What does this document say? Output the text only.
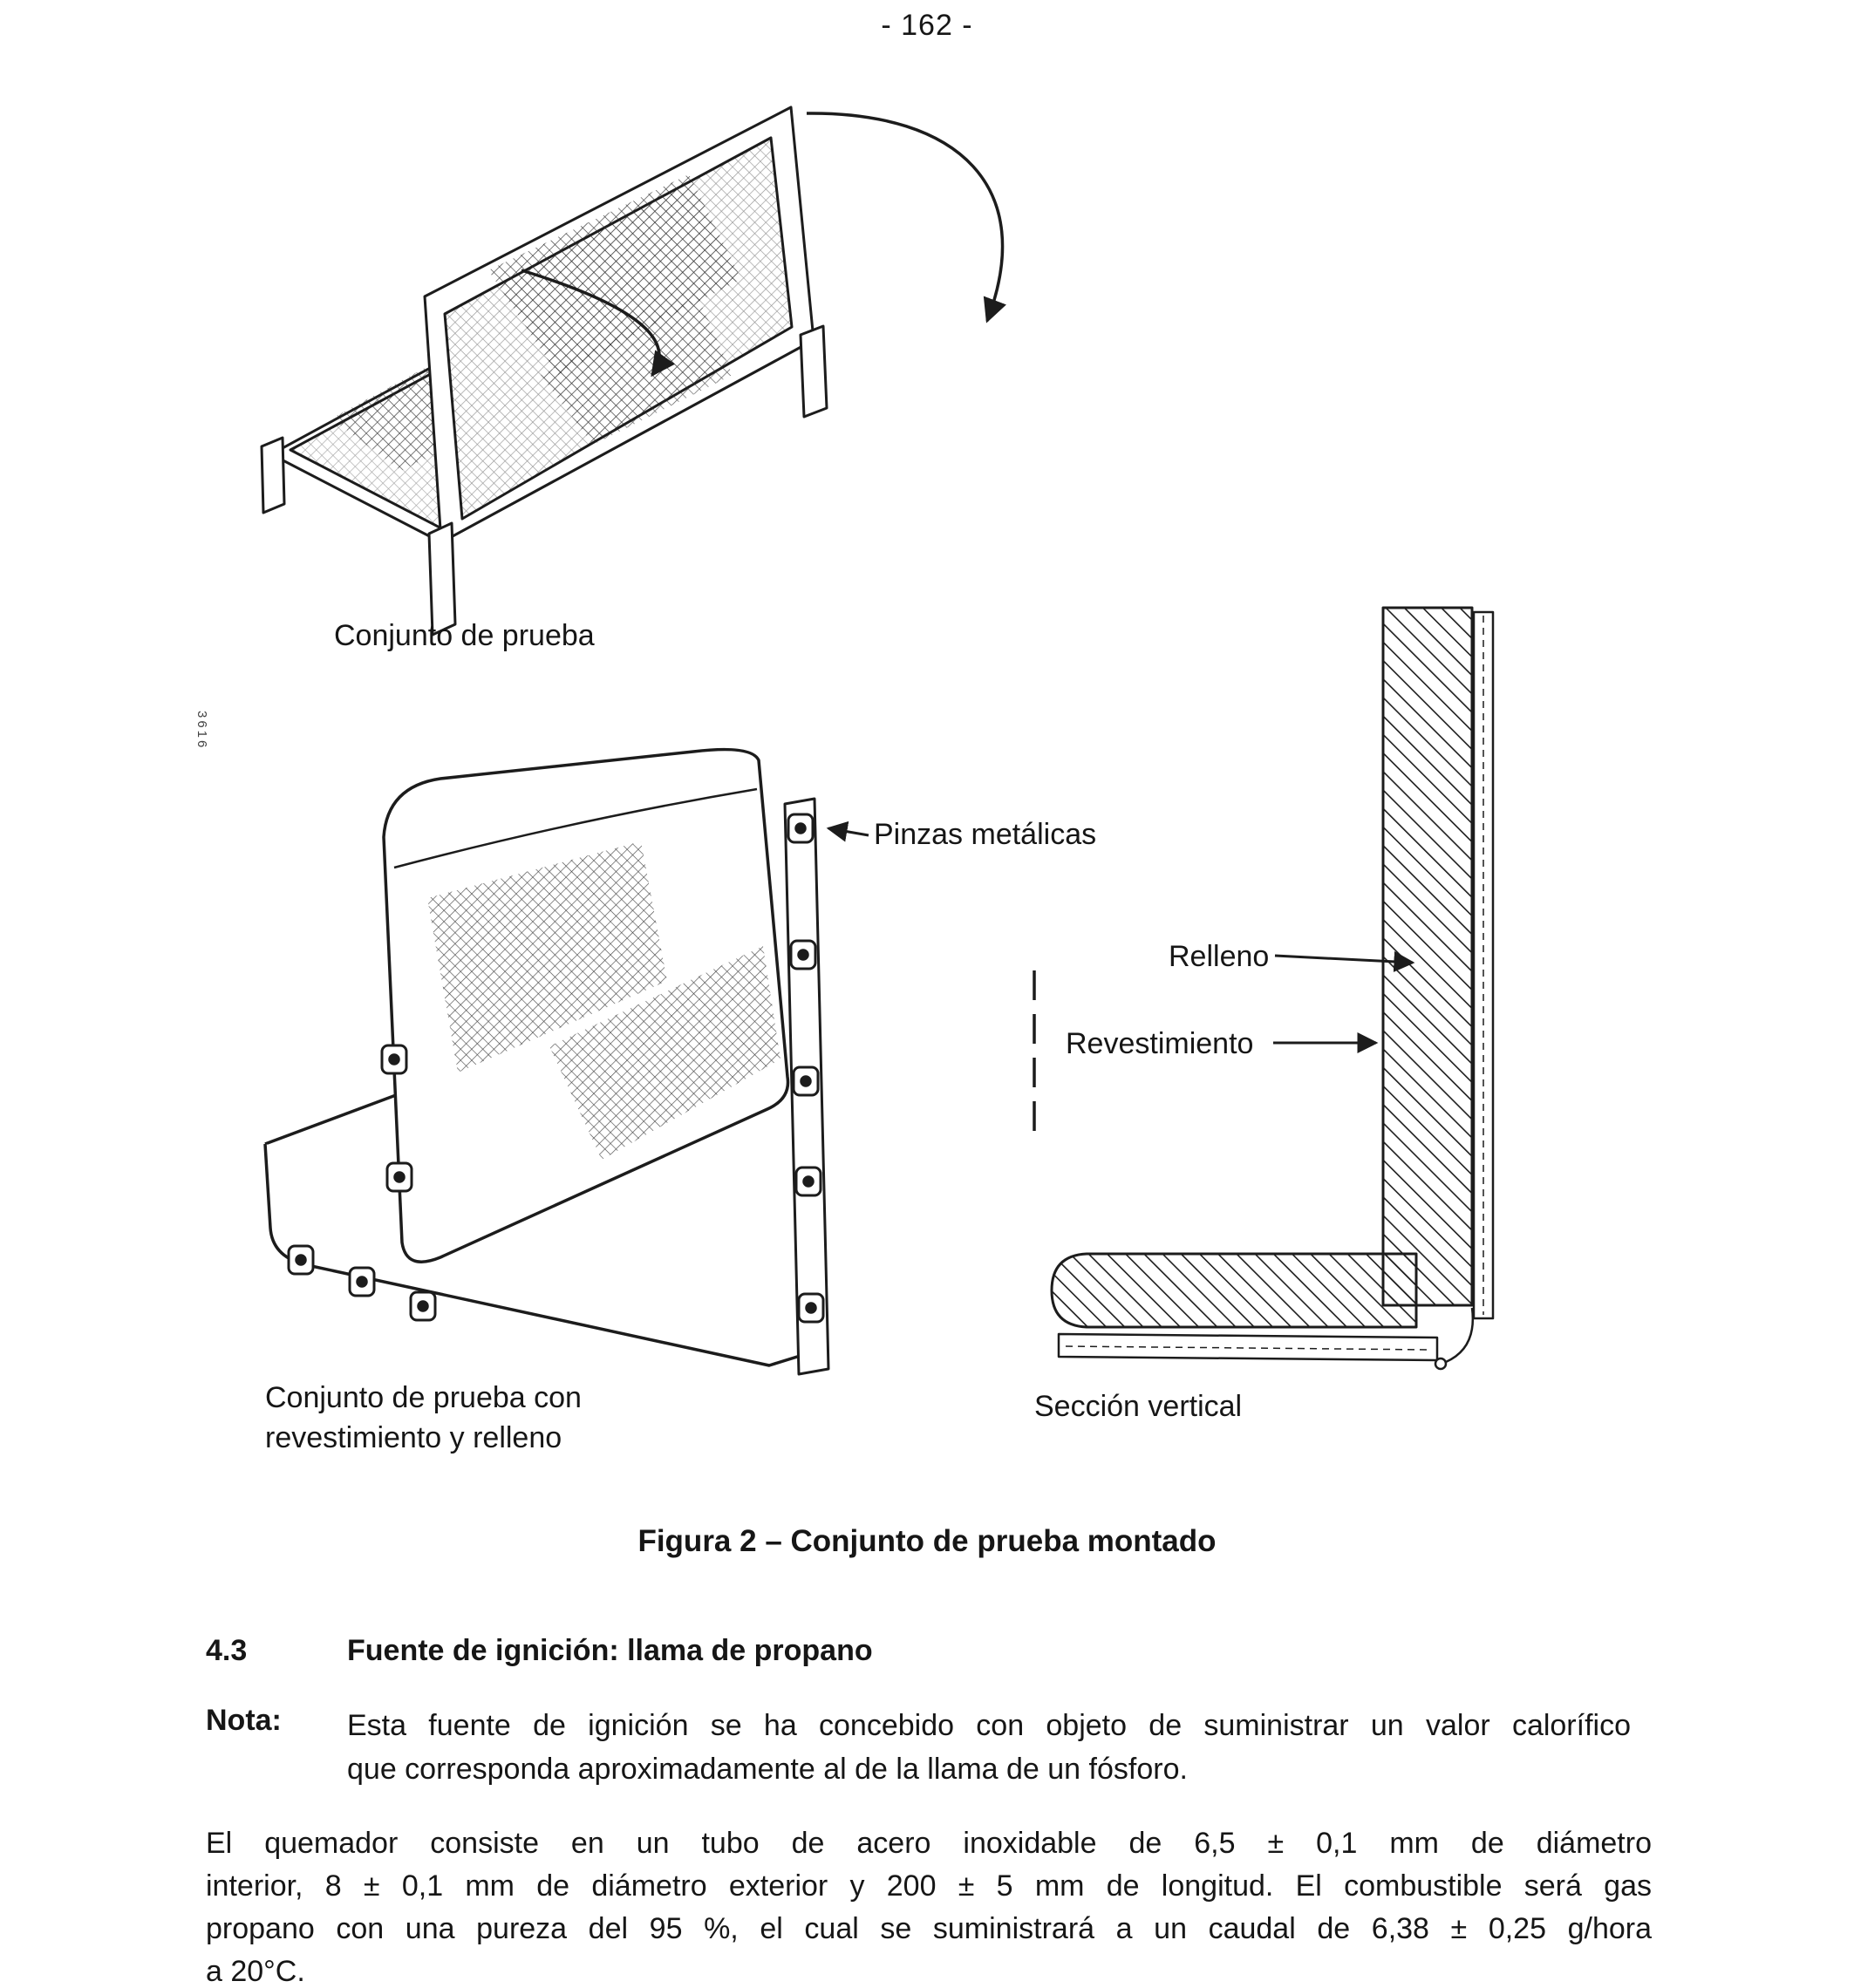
- 162 -
3616
Conjunto de prueba
Pinzas metálicas
Relleno
Revestimiento
Conjunto de prueba con
revestimiento y relleno
Sección vertical
Figura 2 – Conjunto de prueba montado
4.3	Fuente de ignición: llama de propano
Nota: Esta fuente de ignición se ha concebido con objeto de suministrar un valor calorífico
que corresponda aproximadamente al de la llama de un fósforo.
El quemador consiste en un tubo de acero inoxidable de 6,5 ± 0,1 mm de diámetro
interior, 8 ± 0,1 mm de diámetro exterior y 200 ± 5 mm de longitud. El combustible será gas
propano con una pureza del 95 %, el cual se suministrará a un caudal de 6,38 ± 0,25 g/hora
a 20°C.
